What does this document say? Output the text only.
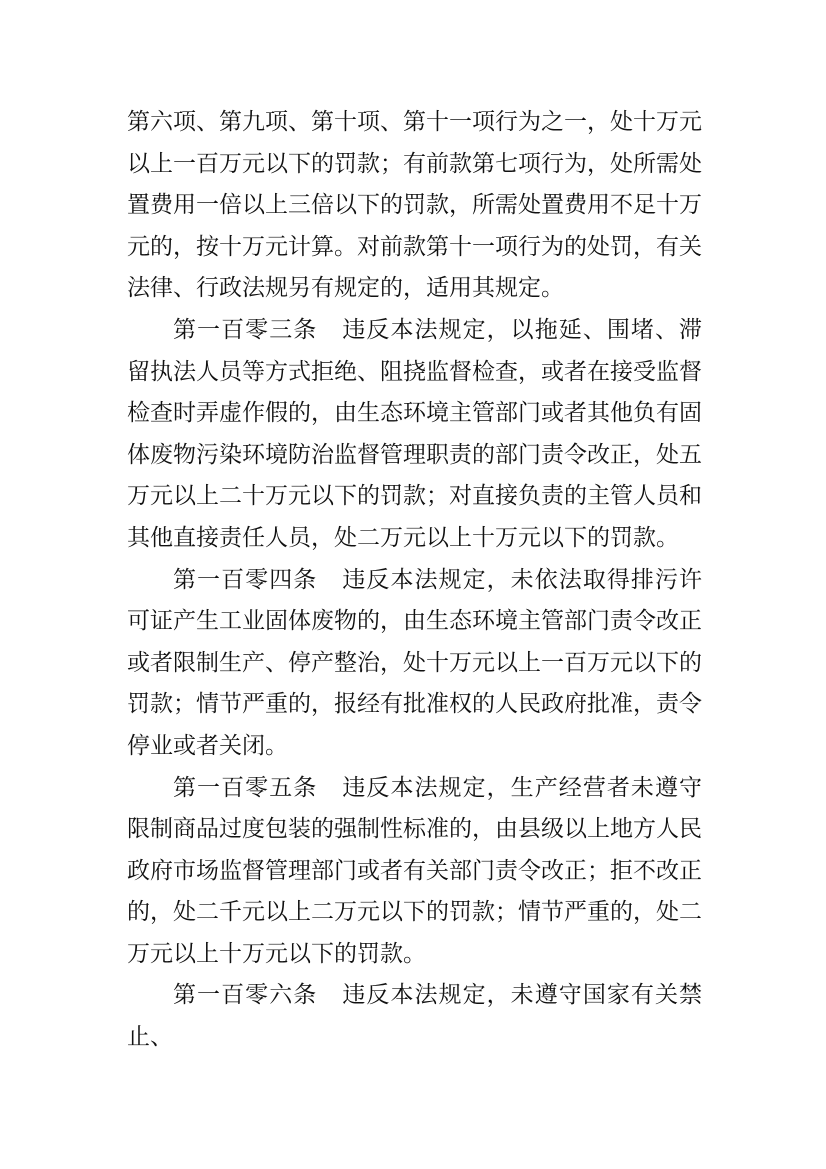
第六项、第九项、第十项、第十一项行为之一，处十万元以上一百万元以下的罚款；有前款第七项行为，处所需处置费用一倍以上三倍以下的罚款，所需处置费用不足十万元的，按十万元计算。对前款第十一项行为的处罚，有关法律、行政法规另有规定的，适用其规定。

第一百零三条 违反本法规定，以拖延、围堵、滞留执法人员等方式拒绝、阻挠监督检查，或者在接受监督检查时弄虚作假的，由生态环境主管部门或者其他负有固体废物污染环境防治监督管理职责的部门责令改正，处五万元以上二十万元以下的罚款；对直接负责的主管人员和其他直接责任人员，处二万元以上十万元以下的罚款。

第一百零四条 违反本法规定，未依法取得排污许可证产生工业固体废物的，由生态环境主管部门责令改正或者限制生产、停产整治，处十万元以上一百万元以下的罚款；情节严重的，报经有批准权的人民政府批准，责令停业或者关闭。

第一百零五条 违反本法规定，生产经营者未遵守限制商品过度包装的强制性标准的，由县级以上地方人民政府市场监督管理部门或者有关部门责令改正；拒不改正的，处二千元以上二万元以下的罚款；情节严重的，处二万元以上十万元以下的罚款。

第一百零六条 违反本法规定，未遵守国家有关禁止、
